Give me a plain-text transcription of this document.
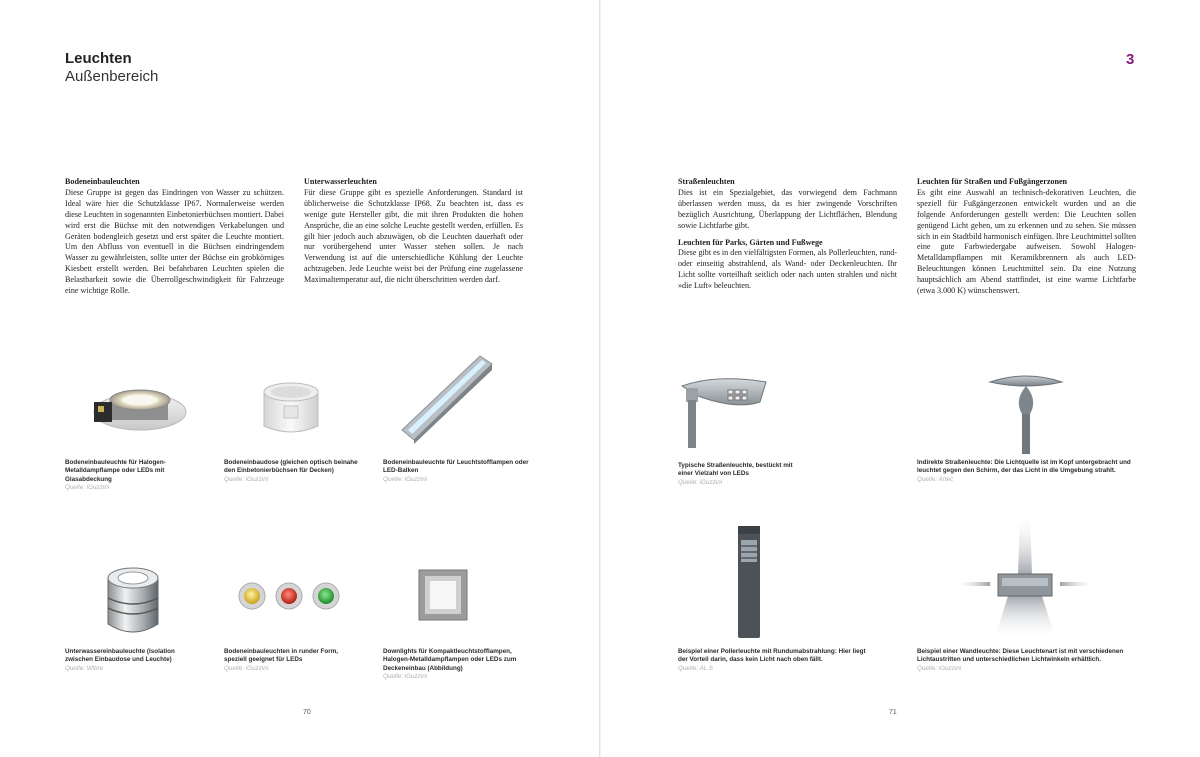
Leuchten
Außenbereich
3
Bodeneinbauleuchten

Diese Gruppe ist gegen das Eindringen von Wasser zu schützen. Ideal wäre hier die Schutzklasse IP67. Normalerweise werden diese Leuchten in sogenannten Einbetonierbüchsen montiert. Dabei wird erst die Büchse mit den notwendigen Verkabelungen und Geräten bodengleich gesetzt und erst später die Leuchte montiert. Um den Abfluss von eventuell in die Büchsen eindringendem Wasser zu gewährleisten, sollte unter der Büchse ein grobkörniges Kiesbett erstellt werden. Bei befahrbaren Leuchten spielen die Belastbarkeit sowie die Überrollgeschwindigkeit für Fahrzeuge eine wichtige Rolle.

Unterwasserleuchten

Für diese Gruppe gibt es spezielle Anforderungen. Standard ist üblicherweise die Schutzklasse IP68. Zu beachten ist, dass es wenige gute Hersteller gibt, die mit ihren Produkten die hohen Ansprüche, die an eine solche Leuchte gestellt werden, erfüllen. Es gilt hier jedoch auch abzuwägen, ob die Leuchten dauerhaft oder nur vorübergehend unter Wasser stehen sollen. Je nach Verwendung ist auf die unterschiedliche Kühlung der Leuchte achtzugeben. Jede Leuchte weist bei der Prüfung eine zugelassene Maximaltemperatur auf, die nicht überschritten werden darf.

Straßenleuchten

Dies ist ein Spezialgebiet, das vorwiegend dem Fachmann überlassen werden muss, da es hier zwingende Vorschriften bezüglich Ausrichtung, Überlappung der Lichtflächen, Blendung sowie Lichtfarbe gibt.

Leuchten für Parks, Gärten und Fußwege

Diese gibt es in den vielfältigsten Formen, als Pollerleuchten, rund- oder einseitig abstrahlend, als Wand- oder Deckenleuchten. Ihr Licht sollte vorteilhaft seitlich oder nach unten strahlen und nicht »die Luft« beleuchten.

Leuchten für Straßen und Fußgängerzonen

Es gibt eine Auswahl an technisch-dekorativen Leuchten, die speziell für Fußgängerzonen entwickelt wurden und an die folgende Anforderungen gestellt werden: Die Leuchten sollen genügend Licht geben, um zu erkennen und zu sehen. Sie müssen sich in ein Stadtbild harmonisch einfügen. Ihre Leuchtmittel sollten eine gute Farbwiedergabe aufweisen. Sowohl Halogen-Metalldampflampen mit Keramikbrennern als auch LED-Beleuchtungen können Leuchtmittel sein. Da eine Nutzung hauptsächlich am Abend stattfindet, ist eine warme Lichtfarbe (etwa 3.000 K) wünschenswert.

Bodeneinbauleuchte für Halogen-Metalldampflampe oder LEDs mit Glasabdeckung
Quelle: iGuzzini
Bodeneinbaudose (gleichen optisch beinahe den Einbetonierbüchsen für Decken)
Quelle: iGuzzini
Bodeneinbauleuchte für Leuchtstofflampen oder LED-Balken
Quelle: iGuzzini
Typische Straßenleuchte, bestückt mit einer Vielzahl von LEDs
Quelle: iGuzzini
Indirekte Straßenleuchte: Die Lichtquelle ist im Kopf untergebracht und leuchtet gegen den Schirm, der das Licht in die Umgebung strahlt.
Quelle: Artec
Unterwassereinbauleuchte (Isolation zwischen Einbaudose und Leuchte)
Quelle: Wibre
Bodeneinbauleuchten in runder Form, speziell geeignet für LEDs
Quelle: iGuzzini
Downlights für Kompaktleuchtstofflampen, Halogen-Metalldampflampen oder LEDs zum Deckeneinbau (Abbildung)
Quelle: iGuzzini
Beispiel einer Pollerleuchte mit Rundumabstrahlung: Hier liegt der Vorteil darin, dass kein Licht nach oben fällt.
Quelle: AL S
Beispiel einer Wandleuchte: Diese Leuchtenart ist mit verschiedenen Lichtaustritten und unterschiedlichen Lichtwinkeln erhältlich.
Quelle: iGuzzini
70	71
